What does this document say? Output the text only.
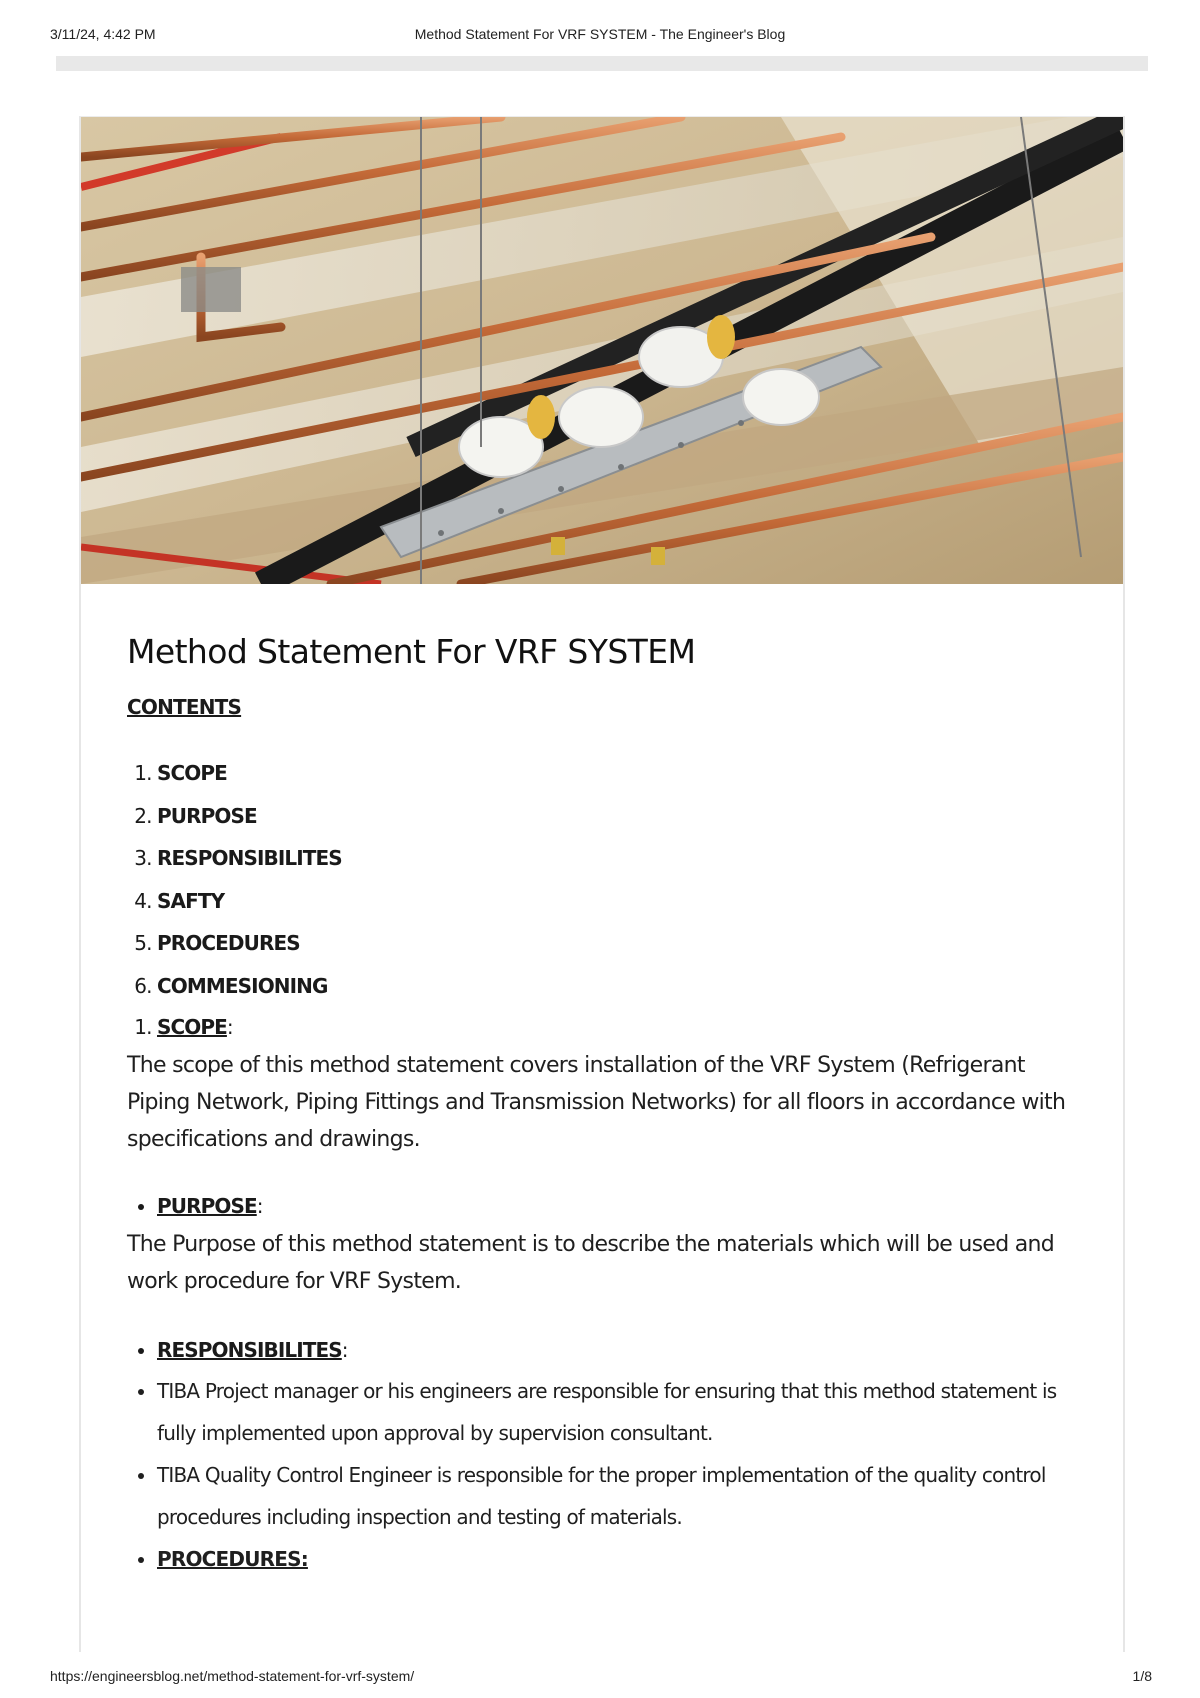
3/11/24, 4:42 PM	Method Statement For VRF SYSTEM - The Engineer's Blog
Method Statement For VRF SYSTEM
CONTENTS
1. SCOPE
2. PURPOSE
3. RESPONSIBILITES
4. SAFTY
5. PROCEDURES
6. COMMESIONING
1. SCOPE:

The scope of this method statement covers installation of the VRF System (Refrigerant Piping Network, Piping Fittings and Transmission Networks) for all floors in accordance with specifications and drawings.

• PURPOSE:

The Purpose of this method statement is to describe the materials which will be used and work procedure for VRF System.

• RESPONSIBILITES:
• TIBA Project manager or his engineers are responsible for ensuring that this method statement is fully implemented upon approval by supervision consultant.
• TIBA Quality Control Engineer is responsible for the proper implementation of the quality control procedures including inspection and testing of materials.
• PROCEDURES:
https://engineersblog.net/method-statement-for-vrf-system/	1/8
